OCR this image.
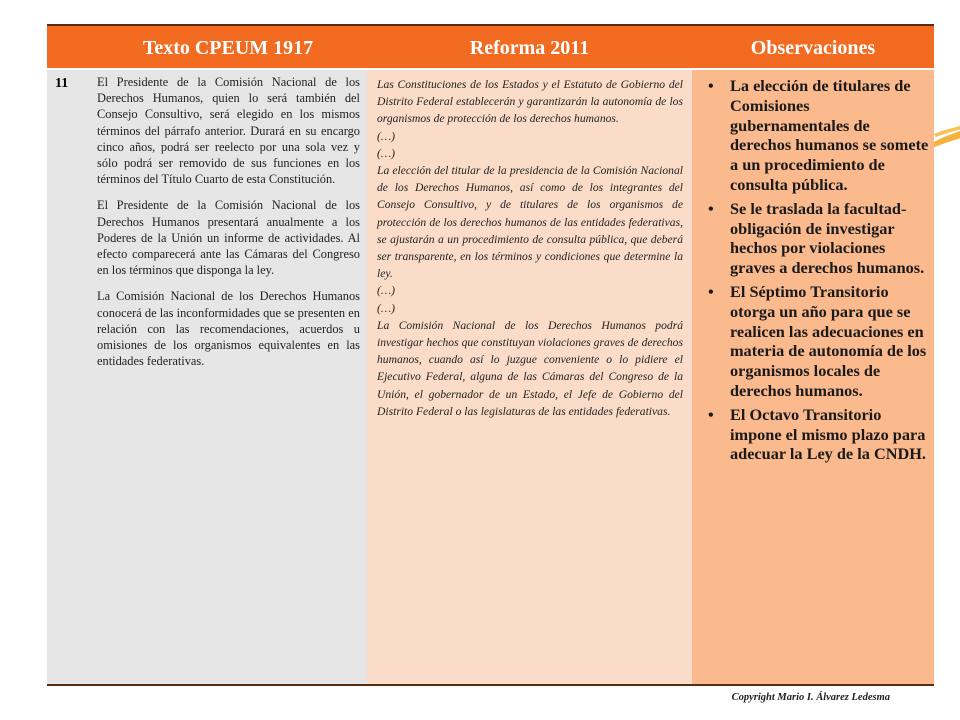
Texto CPEUM 1917	Reforma 2011	Observaciones
11 El Presidente de la Comisión Nacional de los Derechos Humanos, quien lo será también del Consejo Consultivo, será elegido en los mismos términos del párrafo anterior. Durará en su encargo cinco años, podrá ser reelecto por una sola vez y sólo podrá ser removido de sus funciones en los términos del Título Cuarto de esta Constitución.

El Presidente de la Comisión Nacional de los Derechos Humanos presentará anualmente a los Poderes de la Unión un informe de actividades. Al efecto comparecerá ante las Cámaras del Congreso en los términos que disponga la ley.

La Comisión Nacional de los Derechos Humanos conocerá de las inconformidades que se presenten en relación con las recomendaciones, acuerdos u omisiones de los organismos equivalentes en las entidades federativas.

Las Constituciones de los Estados y el Estatuto de Gobierno del Distrito Federal establecerán y garantizarán la autonomía de los organismos de protección de los derechos humanos.

(…)

(…)

La elección del titular de la presidencia de la Comisión Nacional de los Derechos Humanos, así como de los integrantes del Consejo Consultivo, y de titulares de los organismos de protección de los derechos humanos de las entidades federativas, se ajustarán a un procedimiento de consulta pública, que deberá ser transparente, en los términos y condiciones que determine la ley.

(…)

(…)

La Comisión Nacional de los Derechos Humanos podrá investigar hechos que constituyan violaciones graves de derechos humanos, cuando así lo juzgue conveniente o lo pidiere el Ejecutivo Federal, alguna de las Cámaras del Congreso de la Unión, el gobernador de un Estado, el Jefe de Gobierno del Distrito Federal o las legislaturas de las entidades federativas.

• La elección de titulares de Comisiones gubernamentales de derechos humanos se somete a un procedimiento de consulta pública.
• Se le traslada la facultad-obligación de investigar hechos por violaciones graves a derechos humanos.
• El Séptimo Transitorio otorga un año para que se realicen las adecuaciones en materia de autonomía de los organismos locales de derechos humanos.
• El Octavo Transitorio impone el mismo plazo para adecuar la Ley de la CNDH.
Copyright Mario I. Álvarez Ledesma
